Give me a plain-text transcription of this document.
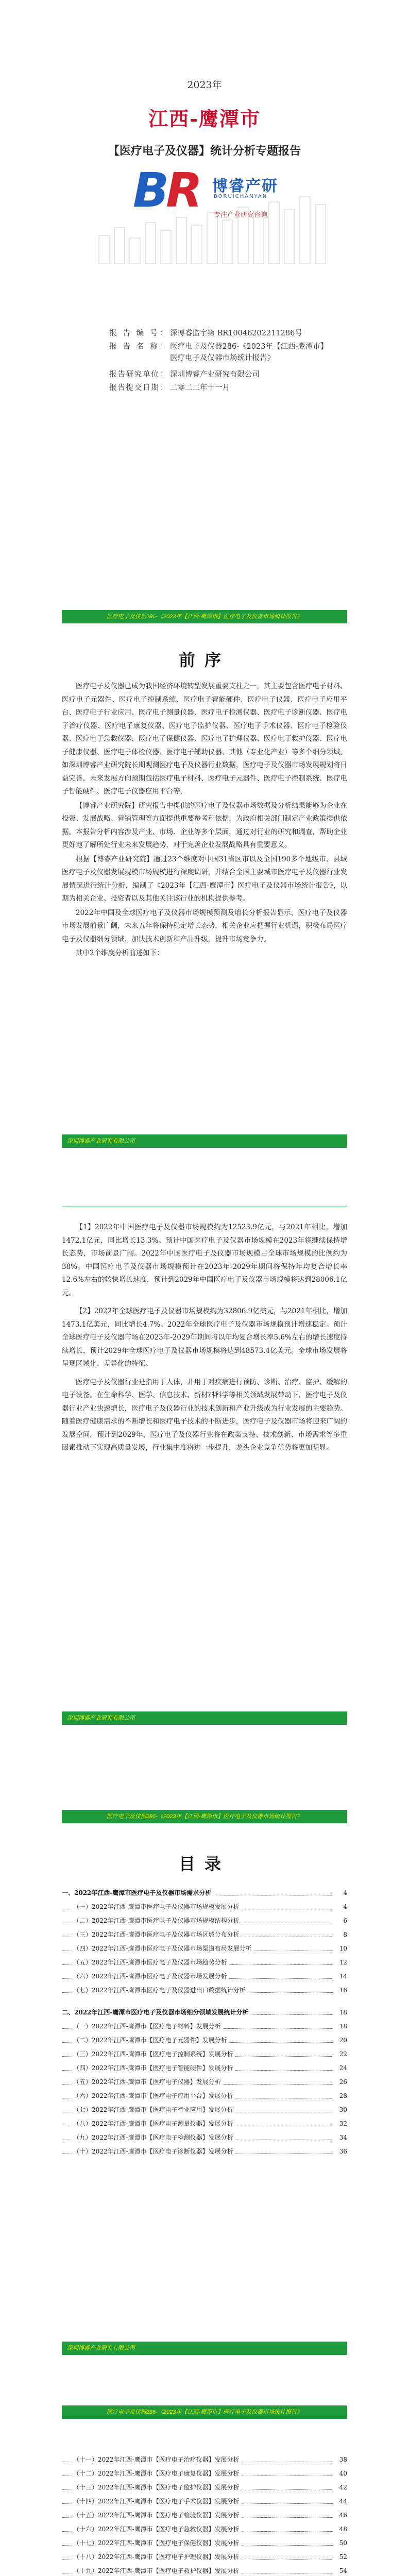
2023年
江西-鹰潭市
【医疗电子及仪器】统计分析专题报告
BR 博睿产研
BORUICHANYAN
专注产业研究咨询
报 告 编 号： 深博睿监字第 BR10046202211286号
报 告 名 称： 医疗电子及仪器286-《2023年【江西-鹰潭市】医疗电子及仪器市场统计报告》
报告研究单位： 深圳博睿产业研究有限公司
报告提交日期： 二零二二年十一月
医疗电子及仪器286-《2023年【江西-鹰潭市】医疗电子及仪器市场统计报告》
前序

医疗电子及仪器已成为我国经济环境转型发展重要支柱之一，其主要包含医疗电子材料、医疗电子元器件、医疗电子控制系统、医疗电子智能硬件、医疗电子仪器、医疗电子应用平台、医疗电子行业应用、医疗电子测量仪器、医疗电子检测仪器、医疗电子诊断仪器、医疗电子治疗仪器、医疗电子康复仪器、医疗电子监护仪器、医疗电子手术仪器、医疗电子检验仪器、医疗电子急救仪器、医疗电子保健仪器、医疗电子护理仪器、医疗电子救护仪器、医疗电子健康仪器、医疗电子体检仪器、医疗电子辅助仪器、其他（专业化产业）等多个细分领域。如深圳博睿产业研究院长期观测医疗电子及仪器行业数据，医疗电子及仪器市场发展规划将日益完善，未来发展方向预期包括医疗电子材料、医疗电子元器件、医疗电子控制系统、医疗电子智能硬件、医疗电子仪器应用平台等，

【博睿产业研究院】研究报告中提供的医疗电子及仪器市场数据及分析结果能够为企业在投资、发展战略、营销管理等方面提供重要参考和依据，为政府相关部门制定产业政策提供依据。本报告分析内容涉及产业、市场、企业等多个层面，通过对行业的研究和调查，帮助企业更好地了解所处行业未来发展趋势，对于完善企业发展战略具有重要意义。

根据【博睿产业研究院】通过23个维度对中国31省区市以及全国190多个地级市、县域医疗电子及仪器发展规模市场规模进行深度调研，并结合全国主要城市医疗电子及仪器行业发展情况进行统计分析，编制了《2023年【江西-鹰潭市】医疗电子及仪器市场统计报告》，以期为相关企业、投资者以及其他关注该行业的机构提供参考。

2022年中国及全球医疗电子及仪器市场规模预测及增长分析报告显示，医疗电子及仪器市场发展前景广阔，未来五年将保持稳定增长态势，相关企业应把握行业机遇，积极布局医疗电子及仪器细分领域，加快技术创新和产品升级，提升市场竞争力。

其中2个维度分析前述如下：

深圳博睿产业研究有限公司

【1】2022年中国医疗电子及仪器市场规模约为12523.9亿元，与2021年相比，增加1472.1亿元，同比增长13.3%。预计中国医疗电子及仪器市场规模在2023年将继续保持增长态势，市场前景广阔。2022年中国医疗电子及仪器市场规模占全球市场规模的比例约为38%。中国医疗电子及仪器市场规模预计在2023年-2029年期间将保持年均复合增长率12.6%左右的较快增长速度，预计到2029年中国医疗电子及仪器市场规模将达到28006.1亿元。

【2】2022年全球医疗电子及仪器市场规模约为32806.9亿美元，与2021年相比，增加1473.1亿美元，同比增长4.7%。2022年全球医疗电子及仪器市场规模预计增速稳定。预计全球医疗电子及仪器市场在2023年-2029年期间将以年均复合增长率5.6%左右的增长速度持续增长，预计2029年全球医疗电子及仪器市场规模将达到48573.4亿美元。全球市场发展将呈现区域化、差异化的特征。

医疗电子及仪器行业是指用于人体，并用于对疾病进行预防、诊断、治疗、监护、缓解的电子设备。在生命科学、医学、信息技术、新材料科学等相关领域发展带动下，医疗电子及仪器行业产业快速增长，医疗电子及仪器行业的技术创新和产业升级成为行业发展的主要趋势。随着医疗健康需求的不断增长和医疗电子技术的不断进步，医疗电子及仪器市场将迎来广阔的发展空间。预计到2029年，医疗电子及仪器行业将在政策支持、技术创新、市场需求等多重因素推动下实现高质量发展，行业集中度将进一步提升，龙头企业竞争优势将更加明显。

深圳博睿产业研究有限公司
医疗电子及仪器286-《2023年【江西-鹰潭市】医疗电子及仪器市场统计报告》
目录
一、2022年江西-鹰潭市医疗电子及仪器市场需求分析	4
（一）2022年江西-鹰潭市医疗电子及仪器市场规模发展分析	4
（二）2022年江西-鹰潭市医疗电子及仪器市场规模结构分析	6
（三）2022年江西-鹰潭市医疗电子及仪器市场区域分布分析	8
（四）2022年江西-鹰潭市医疗电子及仪器市场渠道布局发展分析	10
（五）2022年江西-鹰潭市医疗电子及仪器市场趋势分析	12
（六）2022年江西-鹰潭市医疗电子及仪器市场发展分析	14
（七）2022年江西-鹰潭市医疗电子及仪器进出口数据统计分析	16
二、2022年江西-鹰潭市医疗电子及仪器市场细分领域发展统计分析	18
（一）2022年江西-鹰潭市【医疗电子材料】发展分析	18
（二）2022年江西-鹰潭市【医疗电子元器件】发展分析	20
（三）2022年江西-鹰潭市【医疗电子控制系统】发展分析	22
（四）2022年江西-鹰潭市【医疗电子智能硬件】发展分析	24
（五）2022年江西-鹰潭市【医疗电子仪器】发展分析	26
（六）2022年江西-鹰潭市【医疗电子应用平台】发展分析	28
（七）2022年江西-鹰潭市【医疗电子行业应用】发展分析	30
（八）2022年江西-鹰潭市【医疗电子测量仪器】发展分析	32
（九）2022年江西-鹰潭市【医疗电子检测仪器】发展分析	34
（十）2022年江西-鹰潭市【医疗电子诊断仪器】发展分析	36
深圳博睿产业研究有限公司
医疗电子及仪器286-《2023年【江西-鹰潭市】医疗电子及仪器市场统计报告》
（十一）2022年江西-鹰潭市【医疗电子治疗仪器】发展分析	38
（十二）2022年江西-鹰潭市【医疗电子康复仪器】发展分析	40
（十三）2022年江西-鹰潭市【医疗电子监护仪器】发展分析	42
（十四）2022年江西-鹰潭市【医疗电子手术仪器】发展分析	44
（十五）2022年江西-鹰潭市【医疗电子检验仪器】发展分析	46
（十六）2022年江西-鹰潭市【医疗电子急救仪器】发展分析	48
（十七）2022年江西-鹰潭市【医疗电子保健仪器】发展分析	50
（十八）2022年江西-鹰潭市【医疗电子护理仪器】发展分析	52
（十九）2022年江西-鹰潭市【医疗电子救护仪器】发展分析	54
